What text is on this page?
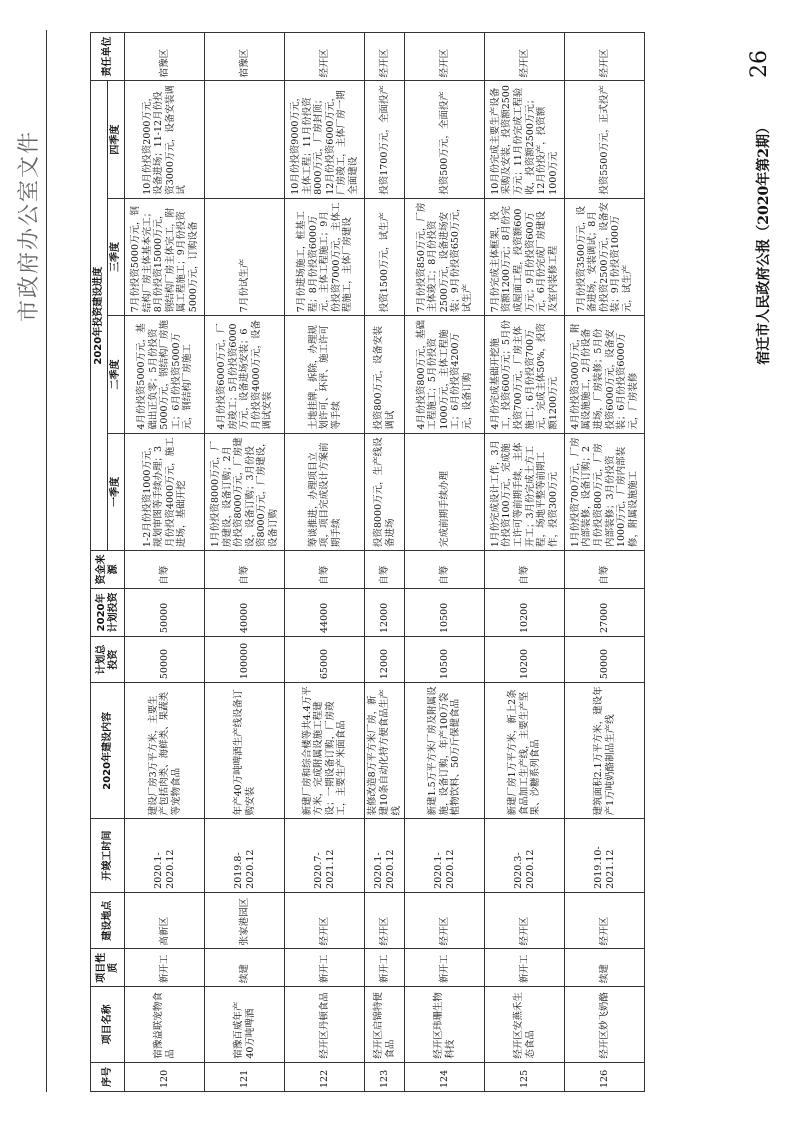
市政府办公室文件
序号	项目名称	项目性质	建设地点	开竣工时间	2020年建设内容	计划总投资	2020年计划投资	资金来源	2020年投资建设进度				责任单位
									一季度	二季度	三季度	四季度	
120	宿豫益联宠物食品	新开工	高新区	2020.1-2020.12	建设厂房3万平方米，主要生产包括肉类、海鲜类、果蔬类等宠物食品	50000	50000	自筹	1-2月份投资1000万元，规划审图等手续办理；3月份投资4000万元，施工进场，基础开挖	4月份投资5000万元，基础出正负零；5月份投资5000万元，钢结构厂房施工；6月份投资5000万元，钢结构厂房施工	7月份投资5000万元，钢结构厂房主体基本完工；8月份投资15000万元，钢结构厂房主体完工，附属工程施工；9月份投资5000万元，订购设备	10月份投资2000万元，设备进场；11-12月份投资3000万元，设备安装调试	宿豫区
121	宿豫百威年产40万吨啤酒	续建	张家港园区	2019.8-2020.12	年产40万吨啤酒生产线设备订购安装	100000	40000	自筹	1月份投资8000万元，厂房建设，设备订购；2月份投资8000万元，厂房建设，设备订购；3月份投资8000万元，厂房建设，设备订购	4月份投资6000万元，厂房竣工；5月份投资6000万元，设备进场安装；6月份投资4000万元，设备调试安装	7月份试生产		宿豫区
122	经开区丹顿食品	新开工	经开区	2020.7-2021.12	新建厂房和综合楼等共4.4万平方米，完成附属设施工程建设；一期设备订购，厂房竣工，主要生产米面食品	65000	44000	自筹	筹谈推进，办理项目立项，项目完成设计方案前期手续	土地挂牌，拆除，办理规划许可、环评、施工许可等手续	7月份进场施工，桩基工程；8月份投资6000万元，主体工程施工；9月份投资7000万元，主体工程施工，主体厂房建设	10月份投资9000万元，主体工程；11月份投资8000万元，厂房封顶；12月份投资6000万元，厂房竣工，主体厂房一期全面建设	经开区
123	经开区启锦特便食品	新开工	经开区	2020.1-2020.12	装修改造8万平方米厂房，新建10条自动化特方便食品生产线	12000	12000	自筹	投资8000万元，生产线设备进场	投资800万元，设备安装调试	投资1500万元，试生产	投资1700万元，全面投产	经开区
124	经开区玮珊生物科技	新开工	经开区	2020.1-2020.12	新建1.5万平方米厂房及附属设施，设备订购，年产100万袋植物饮料、50万斤保健食品	10500	10500	自筹	完成前期手续办理	4月份投资800万元，基础工程施工；5月份投资1000万元，主体工程施工；6月份投资4200万元，设备订购	7月份投资850万元，厂房主体竣工；8月份投资2500万元，设备进场安装；9月份投资650万元，试生产	投资500万元，全面投产	经开区
125	经开区安燕禾生态食品	新开工	经开区	2020.3-2020.12	新建厂房1万平方米，新上2条食品加工生产线，主要生产坚果、沙糖系列食品	10200	10200	自筹	1月份完成设计工作，3月份投资100万元，完成施工许可等前期手续，主体开工；3月份完成土方工程，场地平整等前期工作，投资300万元	4月份完成基础开挖施工，投资600万元；5月份投资700万元，厂房主体施工；6月份投资700万元，完成主体50%，投资额1200万元	7月份完成主体框架，投资额1200万元；8月份完成屋面工程，投资额600万元；9月份投资600万元，6月份完成厂房建设及室内装修工程	10月份完成主要生产设备采购及安装，投资额2500万元；11月份完成工程验收，投资额2500万元；12月份投产，投资额1000万元	经开区
126	经开区妙飞奶酪	续建	经开区	2019.10-2021.12	建筑面积2.1万平方米，建设年产1万吨奶酪制品生产线	50000	27000	自筹	1月份投资700万元，厂房内部装修，设备订购；2月份投资800万元，厂房内部装修；3月份投资1000万元，厂房内部装修，附属设施施工	4月份投资3000万元，附属设施施工，2月份设备进场，厂房装修；5月份投资6000万元，设备安装；6月份投资6000万元，厂房装修	7月份投资3500万元，设备进场，安装调试；8月份投资2500万元，设备安装；9月份投资1000万元，试生产	投资5500万元，正式投产	经开区
宿迁市人民政府公报（2020年第2期）
26
